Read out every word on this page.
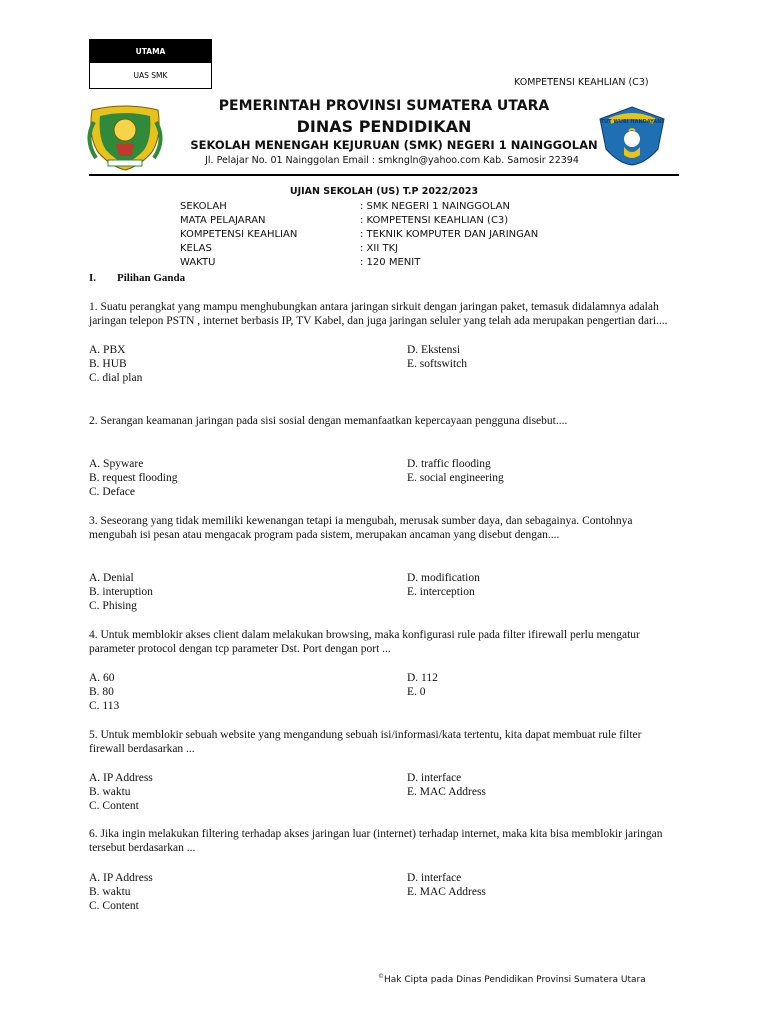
UTAMA
UAS SMK
KOMPETENSI KEAHLIAN (C3)
TUT WURI HANDAYANI
PEMERINTAH PROVINSI SUMATERA UTARA
DINAS PENDIDIKAN
SEKOLAH MENENGAH KEJURUAN (SMK) NEGERI 1 NAINGGOLAN
Jl. Pelajar No. 01 Nainggolan Email : smkngln@yahoo.com Kab. Samosir 22394
UJIAN SEKOLAH (US) T.P 2022/2023
SEKOLAH	: SMK NEGERI 1 NAINGGOLAN
MATA PELAJARAN	: KOMPETENSI KEAHLIAN (C3)
KOMPETENSI KEAHLIAN	: TEKNIK KOMPUTER DAN JARINGAN
KELAS	: XII TKJ
WAKTU	: 120 MENIT
I. Pilihan Ganda
1. Suatu perangkat yang mampu menghubungkan antara jaringan sirkuit dengan jaringan paket, temasuk didalamnya adalah jaringan telepon PSTN , internet berbasis IP, TV Kabel, dan juga jaringan seluler yang telah ada merupakan pengertian dari....
A. PBX
B. HUB
C. dial plan
D. Ekstensi
E. softswitch
2. Serangan keamanan jaringan pada sisi sosial dengan memanfaatkan kepercayaan pengguna disebut....
A. Spyware
B. request flooding
C. Deface
D. traffic flooding
E. social engineering
3. Seseorang yang tidak memiliki kewenangan tetapi ia mengubah, merusak sumber daya, dan sebagainya. Contohnya mengubah isi pesan atau mengacak program pada sistem, merupakan ancaman yang disebut dengan....
A. Denial
B. interuption
C. Phising
D. modification
E. interception
4. Untuk memblokir akses client dalam melakukan browsing, maka konfigurasi rule pada filter ifirewall perlu mengatur parameter protocol dengan tcp parameter Dst. Port dengan port ...
A. 60
B. 80
C. 113
D. 112
E. 0
5. Untuk memblokir sebuah website yang mengandung sebuah isi/informasi/kata tertentu, kita dapat membuat rule filter firewall berdasarkan ...
A. IP Address
B. waktu
C. Content
D. interface
E. MAC Address
6. Jika ingin melakukan filtering terhadap akses jaringan luar (internet) terhadap internet, maka kita bisa memblokir jaringan tersebut berdasarkan ...
A. IP Address
B. waktu
C. Content
D. interface
E. MAC Address
©Hak Cipta pada Dinas Pendidikan Provinsi Sumatera Utara
